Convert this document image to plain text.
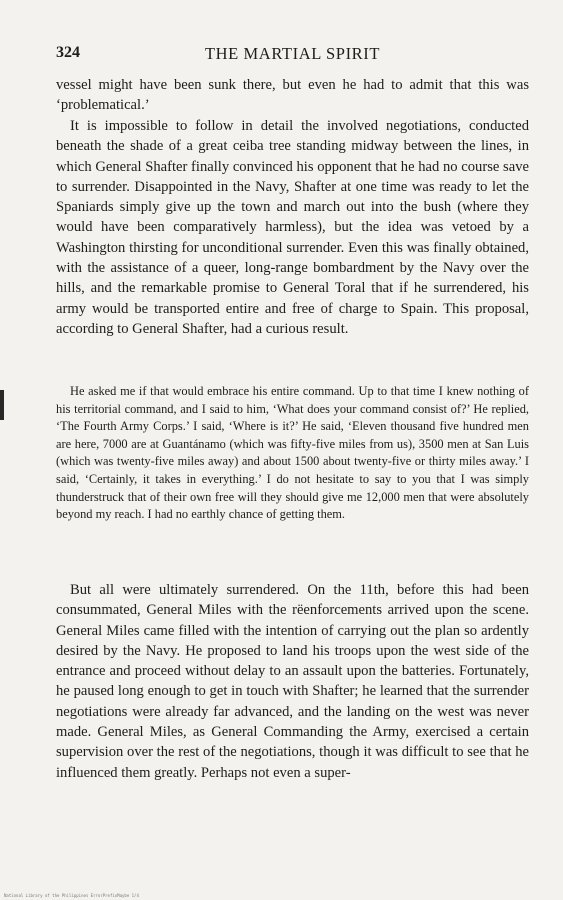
324	THE MARTIAL SPIRIT

vessel might have been sunk there, but even he had to admit that this was ‘problematical.’

It is impossible to follow in detail the involved negotiations, conducted beneath the shade of a great ceiba tree standing midway between the lines, in which General Shafter finally convinced his opponent that he had no course save to surrender. Disappointed in the Navy, Shafter at one time was ready to let the Spaniards simply give up the town and march out into the bush (where they would have been comparatively harmless), but the idea was vetoed by a Washington thirsting for unconditional surrender. Even this was finally obtained, with the assistance of a queer, long-range bombardment by the Navy over the hills, and the remarkable promise to General Toral that if he surrendered, his army would be transported entire and free of charge to Spain. This proposal, according to General Shafter, had a curious result.

He asked me if that would embrace his entire command. Up to that time I knew nothing of his territorial command, and I said to him, ‘What does your command consist of?’ He replied, ‘The Fourth Army Corps.’ I said, ‘Where is it?’ He said, ‘Eleven thousand five hundred men are here, 7000 are at Guantánamo (which was fifty-five miles from us), 3500 men at San Luis (which was twenty-five miles away) and about 1500 about twenty-five or thirty miles away.’ I said, ‘Certainly, it takes in everything.’ I do not hesitate to say to you that I was simply thunderstruck that of their own free will they should give me 12,000 men that were absolutely beyond my reach. I had no earthly chance of getting them.

But all were ultimately surrendered. On the 11th, before this had been consummated, General Miles with the rëenforcements arrived upon the scene. General Miles came filled with the intention of carrying out the plan so ardently desired by the Navy. He proposed to land his troops upon the west side of the entrance and proceed without delay to an assault upon the batteries. Fortunately, he paused long enough to get in touch with Shafter; he learned that the surrender negotiations were already far advanced, and the landing on the west was never made. General Miles, as General Commanding the Army, exercised a certain supervision over the rest of the negotiations, though it was difficult to see that he influenced them greatly. Perhaps not even a super-

National Library of the Philippines ErrorPrefixMaybe 1/4
